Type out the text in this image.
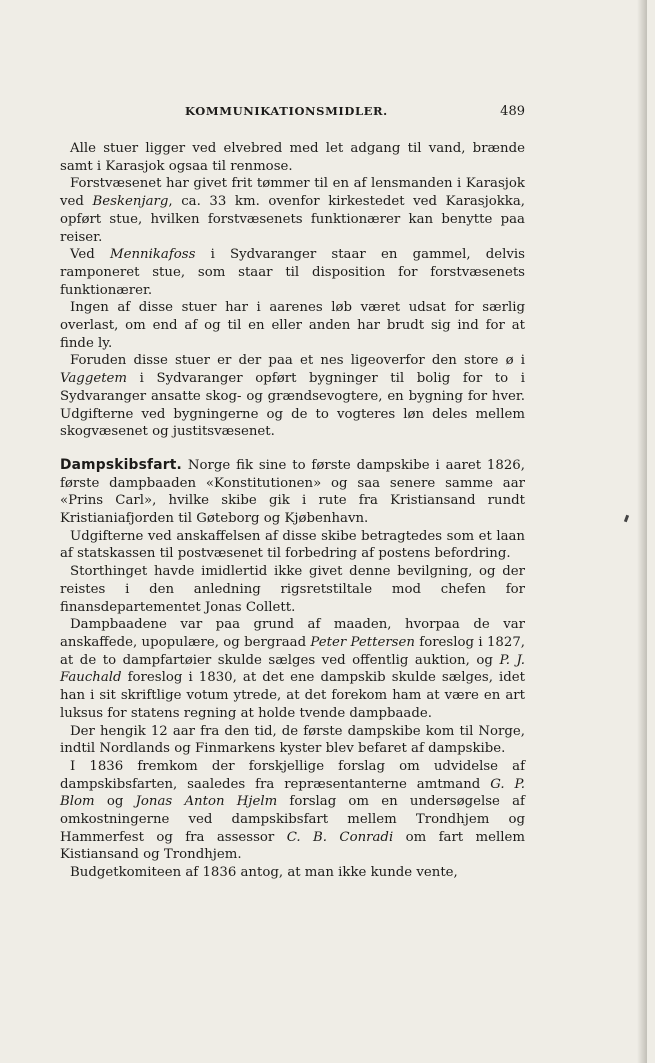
KOMMUNIKATIONSMIDLER.	489

Alle stuer ligger ved elvebred med let adgang til vand, brænde samt i Karasjok ogsaa til renmose.

Forstvæsenet har givet frit tømmer til en af lensmanden i Karasjok ved Beskenjarg, ca. 33 km. ovenfor kirkestedet ved Karasjokka, opført stue, hvilken forstvæsenets funktionærer kan benytte paa reiser.

Ved Mennikafoss i Sydvaranger staar en gammel, delvis ramponeret stue, som staar til disposition for forstvæsenets funktionærer.

Ingen af disse stuer har i aarenes løb været udsat for særlig overlast, om end af og til en eller anden har brudt sig ind for at finde ly.

Foruden disse stuer er der paa et nes ligeoverfor den store ø i Vaggetem i Sydvaranger opført bygninger til bolig for to i Sydvaranger ansatte skog- og grændsevogtere, en bygning for hver. Udgifterne ved bygningerne og de to vogteres løn deles mellem skogvæsenet og justitsvæsenet.

Dampskibsfart. Norge fik sine to første dampskibe i aaret 1826, første dampbaaden «Konstitutionen» og saa senere samme aar «Prins Carl», hvilke skibe gik i rute fra Kristiansand rundt Kristianiafjorden til Gøteborg og Kjøbenhavn.

Udgifterne ved anskaffelsen af disse skibe betragtedes som et laan af statskassen til postvæsenet til forbedring af postens befordring.

Storthinget havde imidlertid ikke givet denne bevilgning, og der reistes i den anledning rigsretstiltale mod chefen for finansdepartementet Jonas Collett.

Dampbaadene var paa grund af maaden, hvorpaa de var anskaffede, upopulære, og bergraad Peter Pettersen foreslog i 1827, at de to dampfartøier skulde sælges ved offentlig auktion, og P. J. Fauchald foreslog i 1830, at det ene dampskib skulde sælges, idet han i sit skriftlige votum ytrede, at det forekom ham at være en art luksus for statens regning at holde tvende dampbaade.

Der hengik 12 aar fra den tid, de første dampskibe kom til Norge, indtil Nordlands og Finmarkens kyster blev befaret af dampskibe.

I 1836 fremkom der forskjellige forslag om udvidelse af dampskibsfarten, saaledes fra repræsentanterne amtmand G. P. Blom og Jonas Anton Hjelm forslag om en undersøgelse af omkostningerne ved dampskibsfart mellem Trondhjem og Hammerfest og fra assessor C. B. Conradi om fart mellem Kistiansand og Trondhjem.

Budgetkomiteen af 1836 antog, at man ikke kunde vente,
